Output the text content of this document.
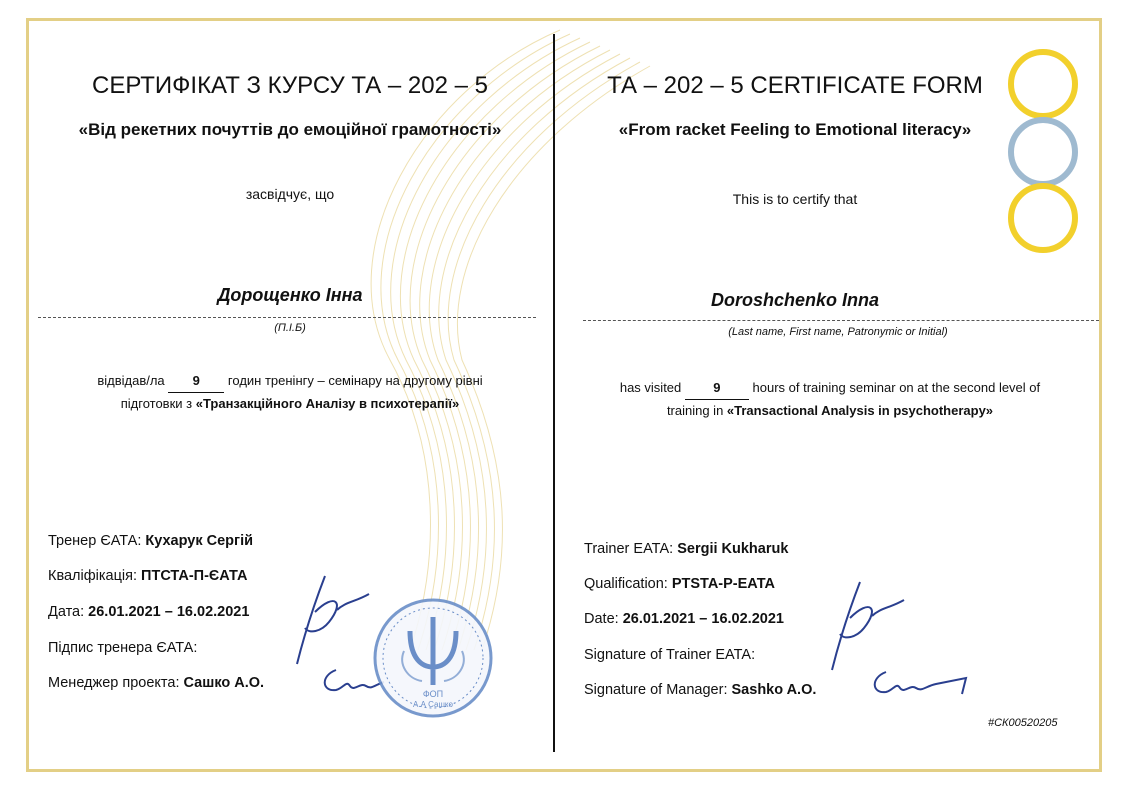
СЕРТИФІКАТ З КУРСУ ТА – 202 – 5
«Від рекетних почуттів до емоційної грамотності»
засвідчує, що
Дорощенко Інна
(П.І.Б)
відвідав/ла 9 годин тренінгу – семінару на другому рівні
підготовки з «Транзакційного Аналізу в психотерапії»
Тренер ЄАТА: Кухарук Сергій
Кваліфікація: ПТСТА-П-ЄАТА
Дата: 26.01.2021 – 16.02.2021
Підпис тренера ЄАТА:
Менеджер проекта: Сашко А.О.
ФОП
А.А Сашко
ТА – 202 – 5 CERTIFICATE FORM
«From racket Feeling to Emotional literacy»
This is to certify that
Doroshchenko Inna
(Last name, First name, Patronymic or Initial)
has visited 9 hours of training seminar on at the second level of
training in «Transactional Analysis in psychotherapy»
Trainer EATA: Sergii Kukharuk
Qualification: PTSTA-P-EATA
Date: 26.01.2021 – 16.02.2021
Signature of Trainer EATA:
Signature of Manager: Sashko A.O.
#СК00520205
